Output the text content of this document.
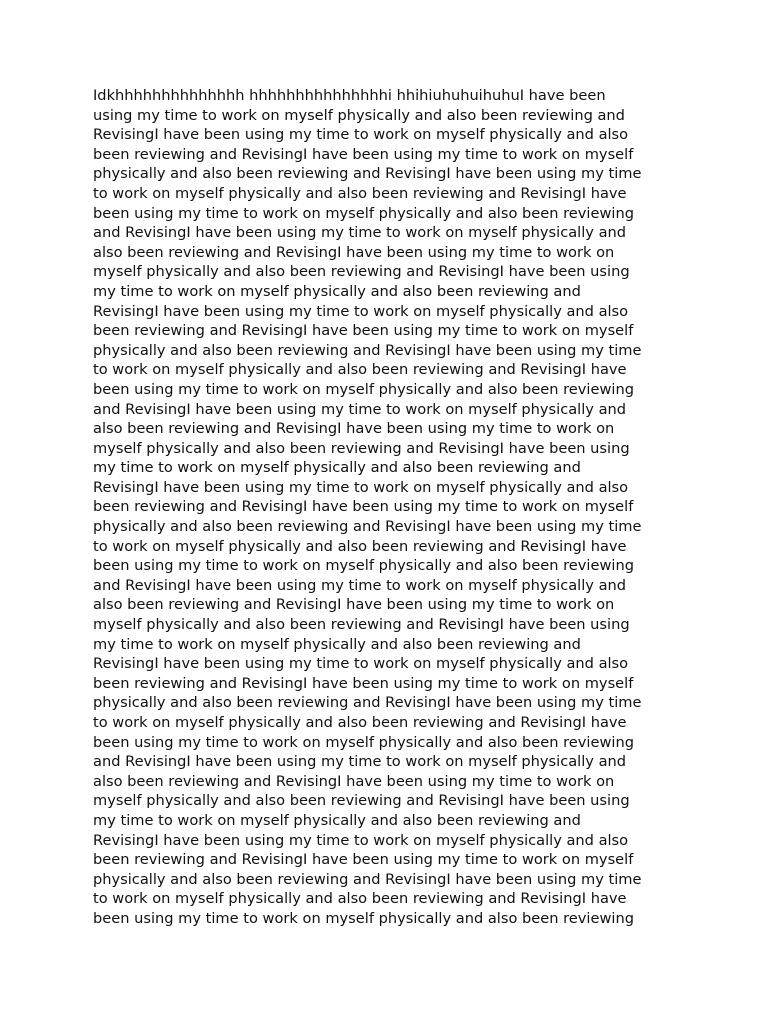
Idkhhhhhhhhhhhhhh hhhhhhhhhhhhhhhi hhihiuhuhuihuhuI have been
using my time to work on myself physically and also been reviewing and
RevisingI have been using my time to work on myself physically and also
been reviewing and RevisingI have been using my time to work on myself
physically and also been reviewing and RevisingI have been using my time
to work on myself physically and also been reviewing and RevisingI have
been using my time to work on myself physically and also been reviewing
and RevisingI have been using my time to work on myself physically and
also been reviewing and RevisingI have been using my time to work on
myself physically and also been reviewing and RevisingI have been using
my time to work on myself physically and also been reviewing and
RevisingI have been using my time to work on myself physically and also
been reviewing and RevisingI have been using my time to work on myself
physically and also been reviewing and RevisingI have been using my time
to work on myself physically and also been reviewing and RevisingI have
been using my time to work on myself physically and also been reviewing
and RevisingI have been using my time to work on myself physically and
also been reviewing and RevisingI have been using my time to work on
myself physically and also been reviewing and RevisingI have been using
my time to work on myself physically and also been reviewing and
RevisingI have been using my time to work on myself physically and also
been reviewing and RevisingI have been using my time to work on myself
physically and also been reviewing and RevisingI have been using my time
to work on myself physically and also been reviewing and RevisingI have
been using my time to work on myself physically and also been reviewing
and RevisingI have been using my time to work on myself physically and
also been reviewing and RevisingI have been using my time to work on
myself physically and also been reviewing and RevisingI have been using
my time to work on myself physically and also been reviewing and
RevisingI have been using my time to work on myself physically and also
been reviewing and RevisingI have been using my time to work on myself
physically and also been reviewing and RevisingI have been using my time
to work on myself physically and also been reviewing and RevisingI have
been using my time to work on myself physically and also been reviewing
and RevisingI have been using my time to work on myself physically and
also been reviewing and RevisingI have been using my time to work on
myself physically and also been reviewing and RevisingI have been using
my time to work on myself physically and also been reviewing and
RevisingI have been using my time to work on myself physically and also
been reviewing and RevisingI have been using my time to work on myself
physically and also been reviewing and RevisingI have been using my time
to work on myself physically and also been reviewing and RevisingI have
been using my time to work on myself physically and also been reviewing
